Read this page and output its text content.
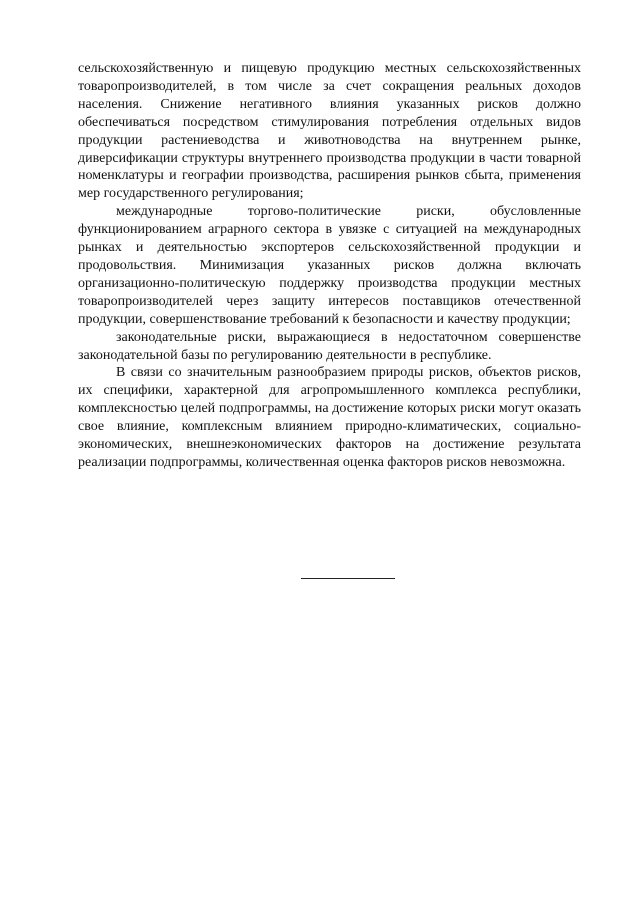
сельскохозяйственную и пищевую продукцию местных сельскохозяйственных товаропроизводителей, в том числе за счет сокращения реальных доходов населения. Снижение негативного влияния указанных рисков должно обеспечиваться посредством стимулирования потребления отдельных видов продукции растениеводства и животноводства на внутреннем рынке, диверсификации структуры внутреннего производства продукции в части товарной номенклатуры и географии производства, расширения рынков сбыта, применения мер государственного регулирования;

международные торгово-политические риски, обусловленные функционированием аграрного сектора в увязке с ситуацией на международных рынках и деятельностью экспортеров сельскохозяйственной продукции и продовольствия. Минимизация указанных рисков должна включать организационно-политическую поддержку производства продукции местных товаропроизводителей через защиту интересов поставщиков отечественной продукции, совершенствование требований к безопасности и качеству продукции;

законодательные риски, выражающиеся в недостаточном совершенстве законодательной базы по регулированию деятельности в республике.

В связи со значительным разнообразием природы рисков, объектов рисков, их специфики, характерной для агропромышленного комплекса республики, комплексностью целей подпрограммы, на достижение которых риски могут оказать свое влияние, комплексным влиянием природно-климатических, социально-экономических, внешнеэкономических факторов на достижение результата реализации подпрограммы, количественная оценка факторов рисков невозможна.
